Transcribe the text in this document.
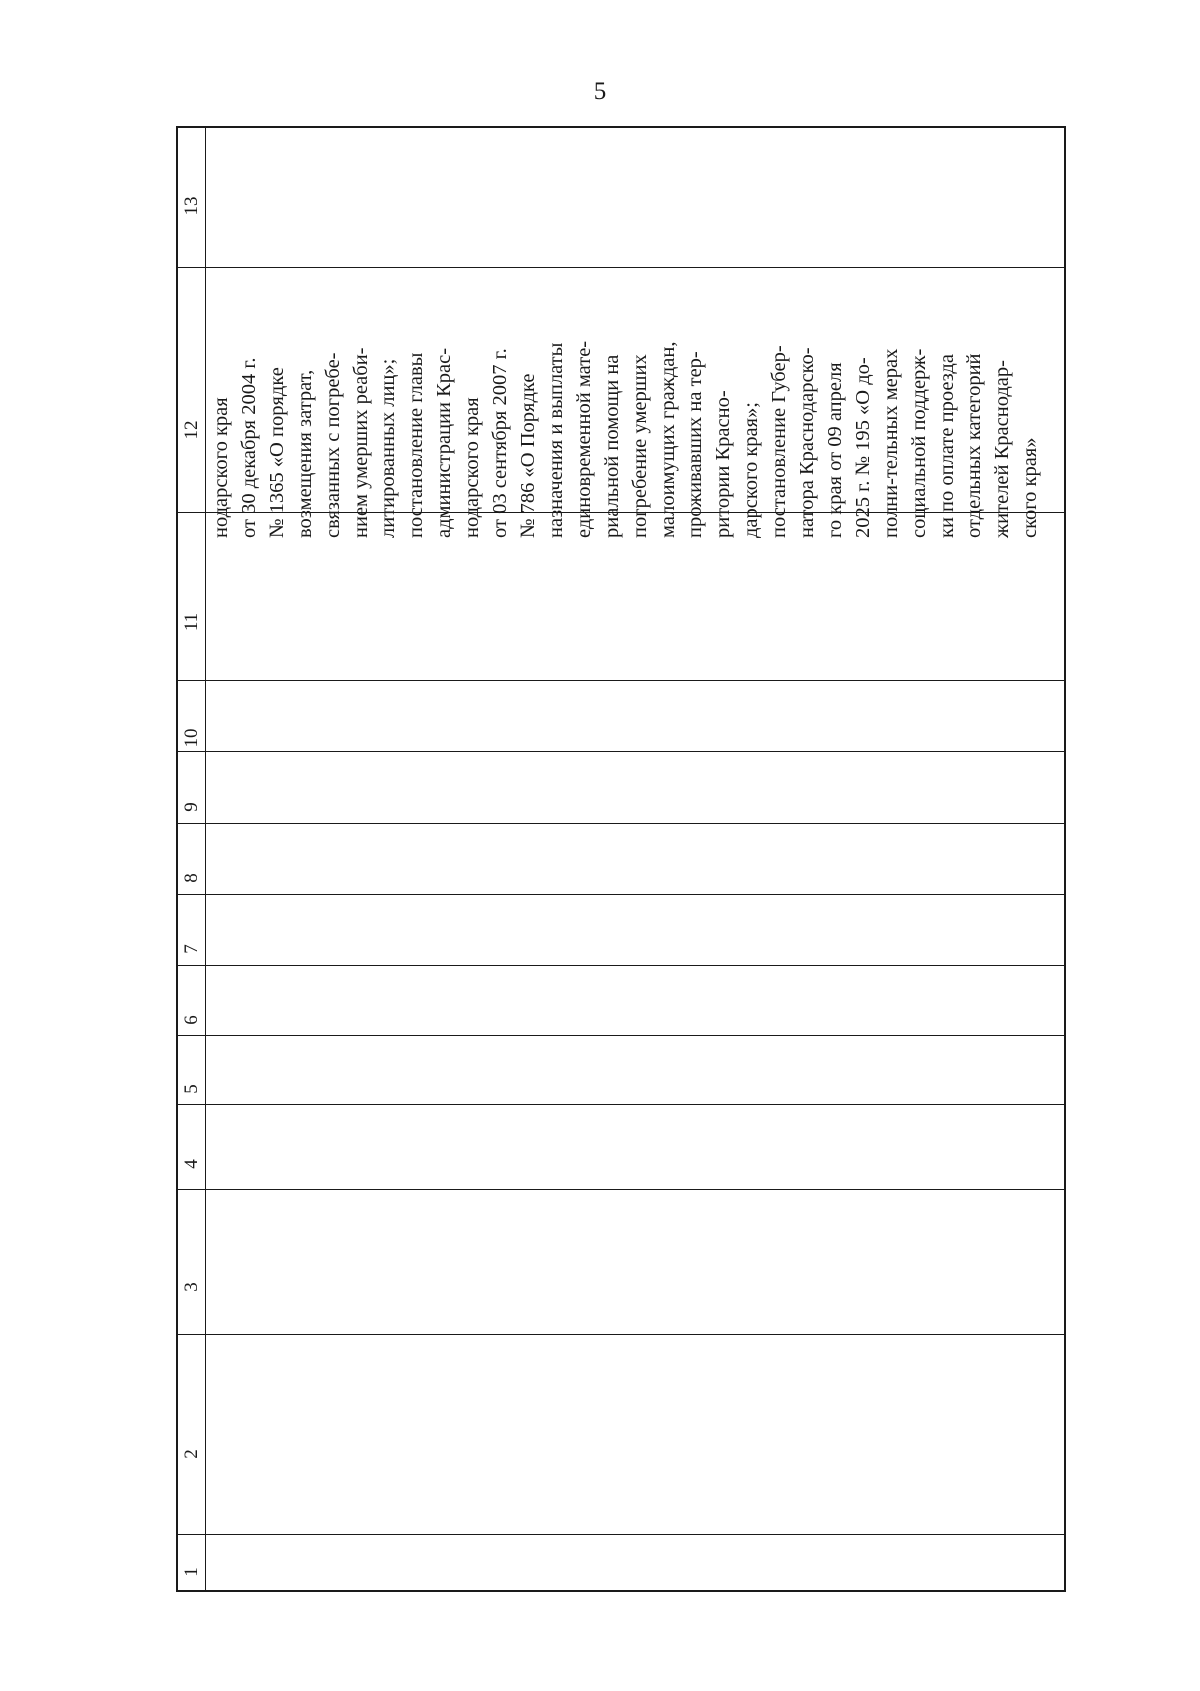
5
13
12
11
10
9
8
7
6
5
4
3
2
1
нодарского края от 30 декабря 2004 г. № 1365 «О порядке возмещения затрат, связанных с погребе- нием умерших реаби- литированных лиц»; постановление главы администрации Крас- нодарского края от 03 сентября 2007 г. № 786 «О Порядке назначения и выплаты единовременной мате- риальной помощи на погребение умерших малоимущих граждан, проживавших на тер- ритории Красно- дарского края»; постановление Губер- натора Краснодарско- го края от 09 апреля 2025 г. № 195 «О до- полни-тельных мерах социальной поддерж- ки по оплате проезда отдельных категорий жителей Краснодар- ского края»
